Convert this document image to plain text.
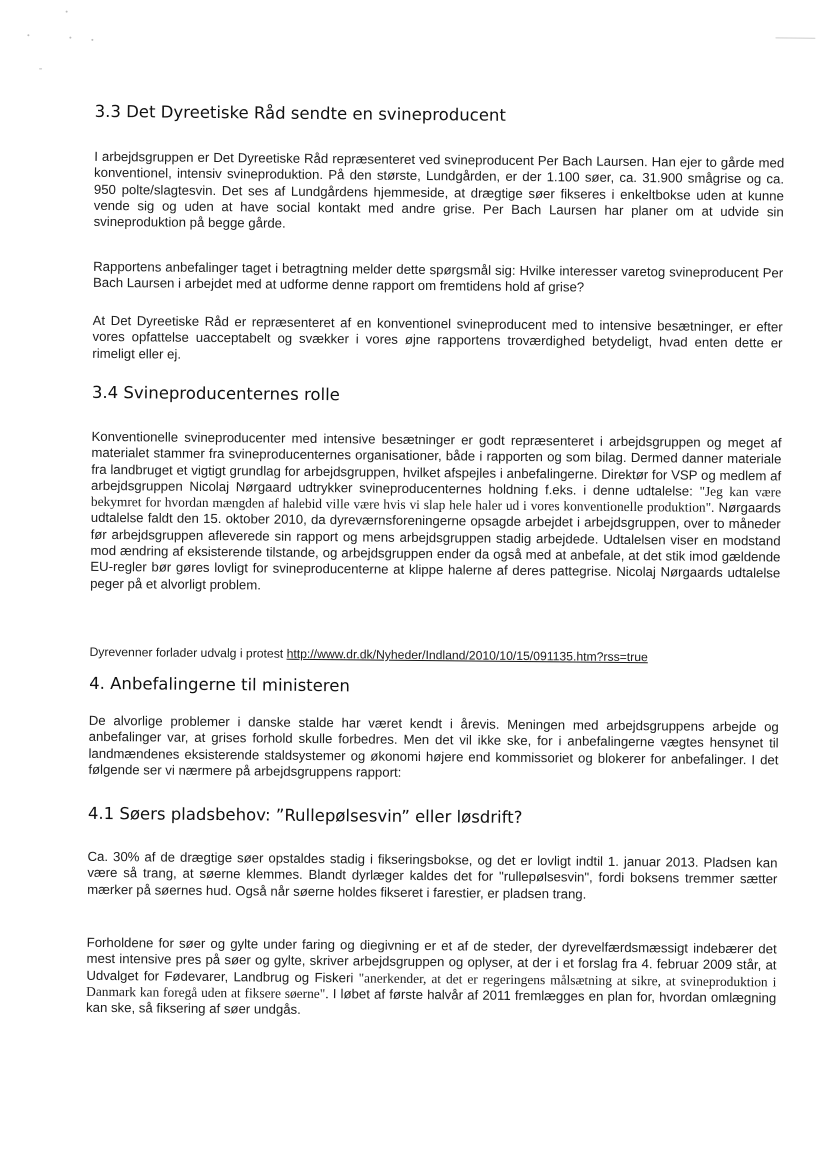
3.3 Det Dyreetiske Råd sendte en svineproducent

I arbejdsgruppen er Det Dyreetiske Råd repræsenteret ved svineproducent Per Bach Laursen. Han ejer to gårde med konventionel, intensiv svineproduktion. På den største, Lundgården, er der 1.100 søer, ca. 31.900 smågrise og ca. 950 polte/slagtesvin. Det ses af Lundgårdens hjemmeside, at drægtige søer fikseres i enkeltbokse uden at kunne vende sig og uden at have social kontakt med andre grise. Per Bach Laursen har planer om at udvide sin svineproduktion på begge gårde.

Rapportens anbefalinger taget i betragtning melder dette spørgsmål sig: Hvilke interesser varetog svineproducent Per Bach Laursen i arbejdet med at udforme denne rapport om fremtidens hold af grise?

At Det Dyreetiske Råd er repræsenteret af en konventionel svineproducent med to intensive besætninger, er efter vores opfattelse uacceptabelt og svækker i vores øjne rapportens troværdighed betydeligt, hvad enten dette er rimeligt eller ej.

3.4 Svineproducenternes rolle

Konventionelle svineproducenter med intensive besætninger er godt repræsenteret i arbejdsgruppen og meget af materialet stammer fra svineproducenternes organisationer, både i rapporten og som bilag. Dermed danner materiale fra landbruget et vigtigt grundlag for arbejdsgruppen, hvilket afspejles i anbefalingerne. Direktør for VSP og medlem af arbejdsgruppen Nicolaj Nørgaard udtrykker svineproducenternes holdning f.eks. i denne udtalelse: "Jeg kan være bekymret for hvordan mængden af halebid ville være hvis vi slap hele haler ud i vores konventionelle produktion". Nørgaards udtalelse faldt den 15. oktober 2010, da dyreværnsforeningerne opsagde arbejdet i arbejdsgruppen, over to måneder før arbejdsgruppen afleverede sin rapport og mens arbejdsgruppen stadig arbejdede. Udtalelsen viser en modstand mod ændring af eksisterende tilstande, og arbejdsgruppen ender da også med at anbefale, at det stik imod gældende EU-regler bør gøres lovligt for svineproducenterne at klippe halerne af deres pattegrise. Nicolaj Nørgaards udtalelse peger på et alvorligt problem.

Dyrevenner forlader udvalg i protest http://www.dr.dk/Nyheder/Indland/2010/10/15/091135.htm?rss=true

4. Anbefalingerne til ministeren

De alvorlige problemer i danske stalde har været kendt i årevis. Meningen med arbejdsgruppens arbejde og anbefalinger var, at grises forhold skulle forbedres. Men det vil ikke ske, for i anbefalingerne vægtes hensynet til landmændenes eksisterende staldsystemer og økonomi højere end kommissoriet og blokerer for anbefalinger. I det følgende ser vi nærmere på arbejdsgruppens rapport:

4.1 Søers pladsbehov: ”Rullepølsesvin” eller løsdrift?

Ca. 30% af de drægtige søer opstaldes stadig i fikseringsbokse, og det er lovligt indtil 1. januar 2013. Pladsen kan være så trang, at søerne klemmes. Blandt dyrlæger kaldes det for "rullepølsesvin", fordi boksens tremmer sætter mærker på søernes hud. Også når søerne holdes fikseret i farestier, er pladsen trang.

Forholdene for søer og gylte under faring og diegivning er et af de steder, der dyrevelfærdsmæssigt indebærer det mest intensive pres på søer og gylte, skriver arbejdsgruppen og oplyser, at der i et forslag fra 4. februar 2009 står, at Udvalget for Fødevarer, Landbrug og Fiskeri "anerkender, at det er regeringens målsætning at sikre, at svineproduktion i Danmark kan foregå uden at fiksere søerne". I løbet af første halvår af 2011 fremlægges en plan for, hvordan omlægning kan ske, så fiksering af søer undgås.
